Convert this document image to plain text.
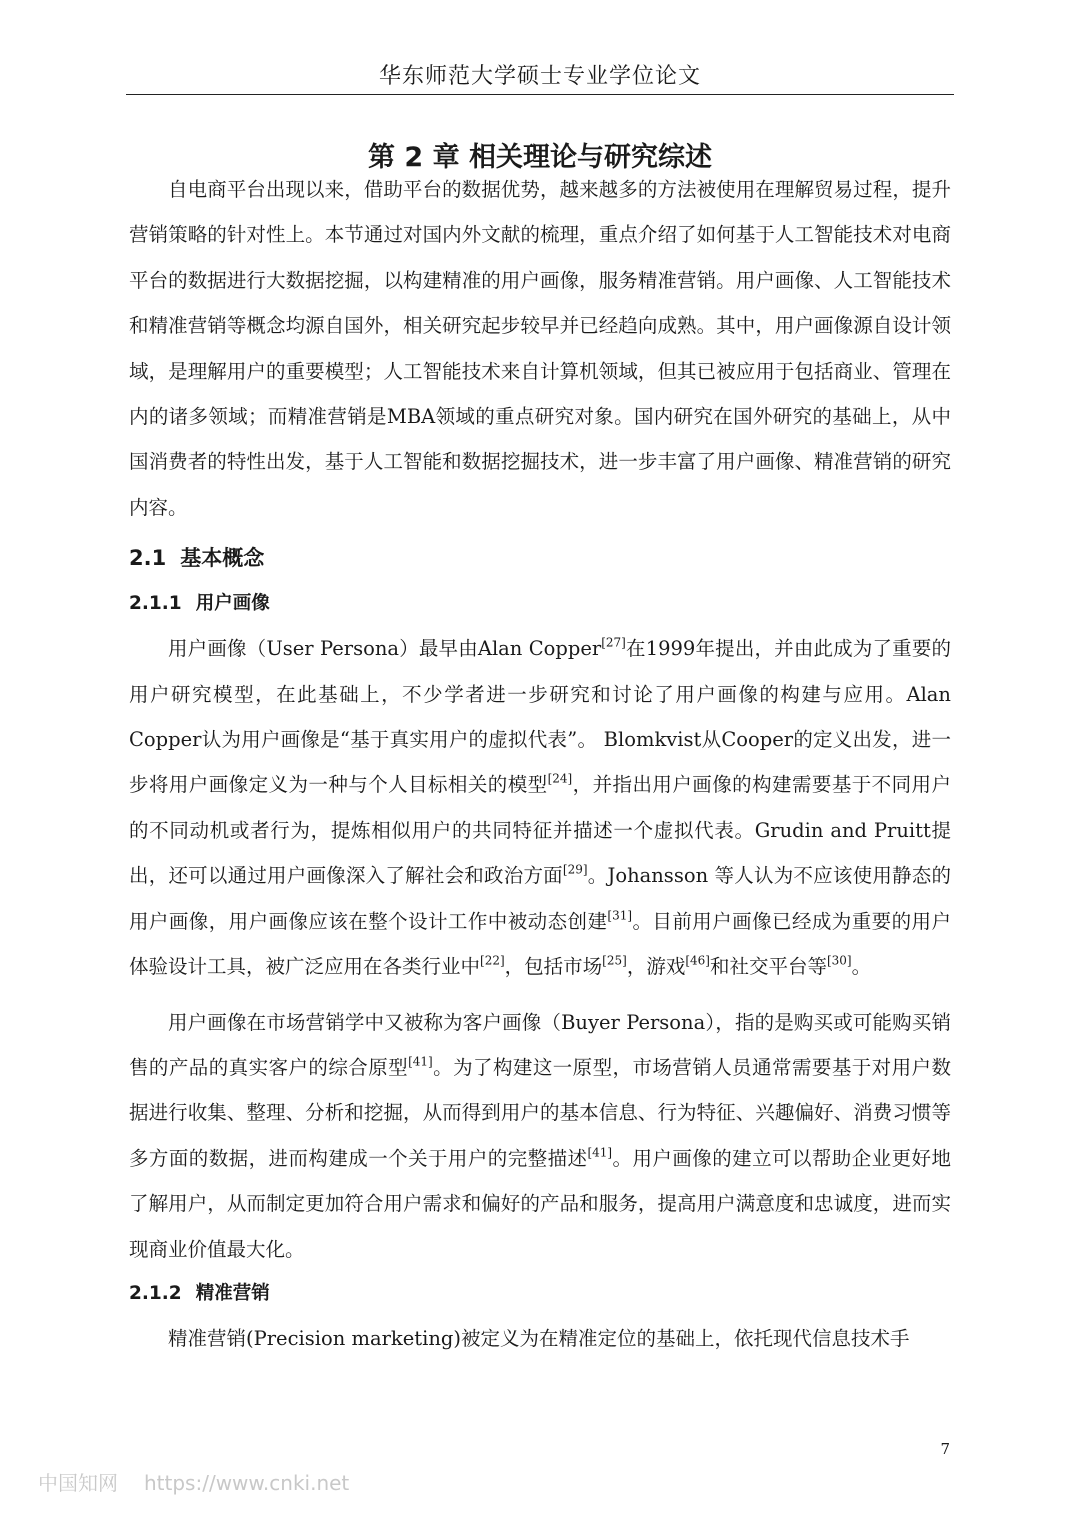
华东师范大学硕士专业学位论文
第 2 章 相关理论与研究综述

自电商平台出现以来，借助平台的数据优势，越来越多的方法被使用在理解贸易过程，提升营销策略的针对性上。本节通过对国内外文献的梳理，重点介绍了如何基于人工智能技术对电商平台的数据进行大数据挖掘，以构建精准的用户画像，服务精准营销。用户画像、人工智能技术和精准营销等概念均源自国外，相关研究起步较早并已经趋向成熟。其中，用户画像源自设计领域，是理解用户的重要模型；人工智能技术来自计算机领域，但其已被应用于包括商业、管理在内的诸多领域；而精准营销是MBA领域的重点研究对象。国内研究在国外研究的基础上，从中国消费者的特性出发，基于人工智能和数据挖掘技术，进一步丰富了用户画像、精准营销的研究内容。

2.1 基本概念
2.1.1 用户画像

用户画像（User Persona）最早由Alan Copper[27]在1999年提出，并由此成为了重要的用户研究模型，在此基础上，不少学者进一步研究和讨论了用户画像的构建与应用。Alan Copper认为用户画像是“基于真实用户的虚拟代表”。 Blomkvist从Cooper的定义出发，进一步将用户画像定义为一种与个人目标相关的模型[24]，并指出用户画像的构建需要基于不同用户的不同动机或者行为，提炼相似用户的共同特征并描述一个虚拟代表。Grudin and Pruitt提出，还可以通过用户画像深入了解社会和政治方面[29]。Johansson 等人认为不应该使用静态的用户画像，用户画像应该在整个设计工作中被动态创建[31]。目前用户画像已经成为重要的用户体验设计工具，被广泛应用在各类行业中[22]，包括市场[25]，游戏[46]和社交平台等[30]。

用户画像在市场营销学中又被称为客户画像（Buyer Persona），指的是购买或可能购买销售的产品的真实客户的综合原型[41]。为了构建这一原型，市场营销人员通常需要基于对用户数据进行收集、整理、分析和挖掘，从而得到用户的基本信息、行为特征、兴趣偏好、消费习惯等多方面的数据，进而构建成一个关于用户的完整描述[41]。用户画像的建立可以帮助企业更好地了解用户，从而制定更加符合用户需求和偏好的产品和服务，提高用户满意度和忠诚度，进而实现商业价值最大化。

2.1.2 精准营销

精准营销(Precision marketing)被定义为在精准定位的基础上，依托现代信息技术手

7
中国知网 https://www.cnki.net
